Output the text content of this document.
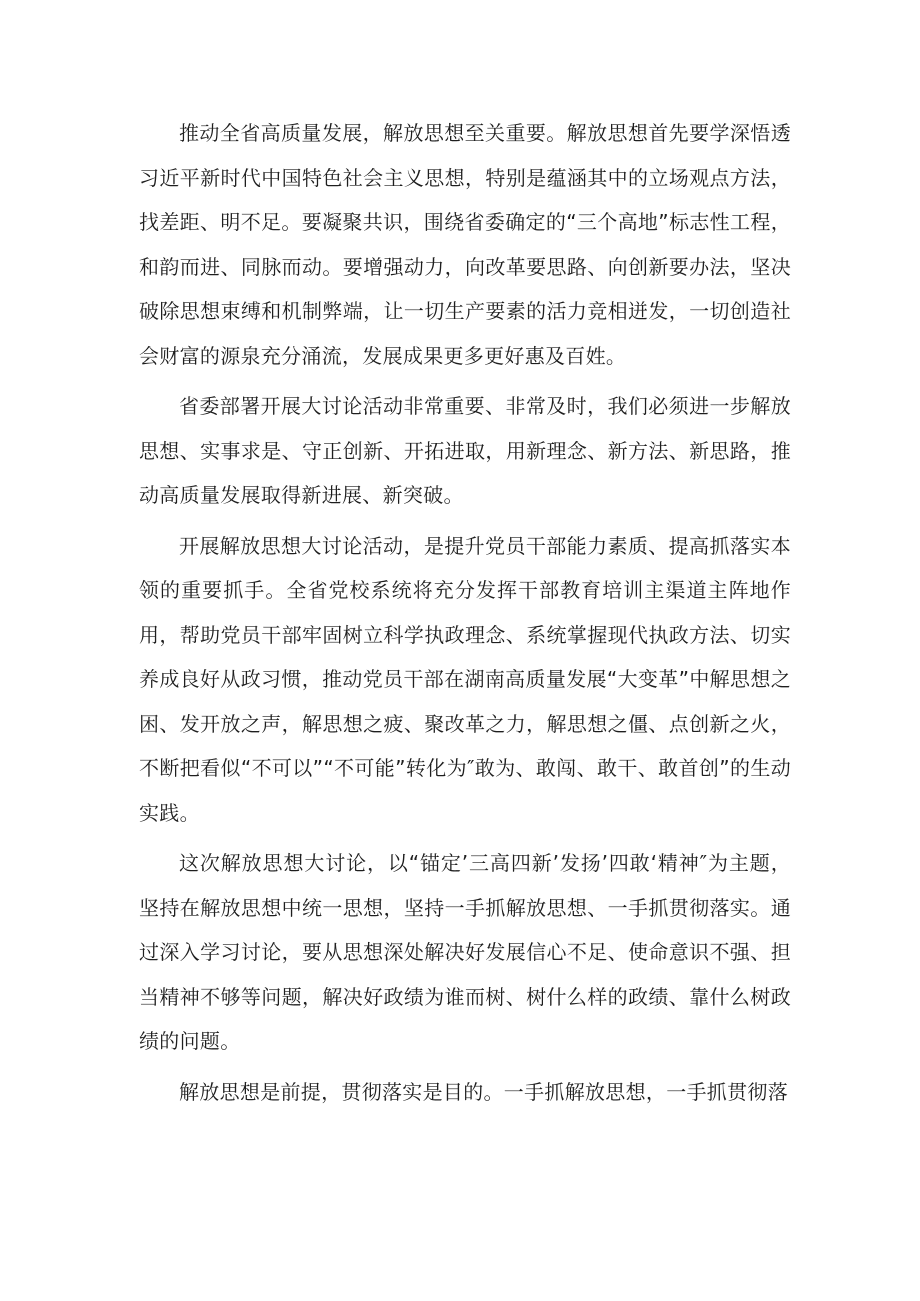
推动全省高质量发展，解放思想至关重要。解放思想首先要学深悟透习近平新时代中国特色社会主义思想，特别是蕴涵其中的立场观点方法，找差距、明不足。要凝聚共识，围绕省委确定的“三个高地”标志性工程，和韵而进、同脉而动。要增强动力，向改革要思路、向创新要办法，坚决破除思想束缚和机制弊端，让一切生产要素的活力竞相迸发，一切创造社会财富的源泉充分涌流，发展成果更多更好惠及百姓。

省委部署开展大讨论活动非常重要、非常及时，我们必须进一步解放思想、实事求是、守正创新、开拓进取，用新理念、新方法、新思路，推动高质量发展取得新进展、新突破。

开展解放思想大讨论活动，是提升党员干部能力素质、提高抓落实本领的重要抓手。全省党校系统将充分发挥干部教育培训主渠道主阵地作用，帮助党员干部牢固树立科学执政理念、系统掌握现代执政方法、切实养成良好从政习惯，推动党员干部在湖南高质量发展“大变革”中解思想之困、发开放之声，解思想之疲、聚改革之力，解思想之僵、点创新之火，不断把看似“不可以”“不可能”转化为″敢为、敢闯、敢干、敢首创”的生动实践。

这次解放思想大讨论，以“锚定’三高四新’发扬’四敢‘精神″为主题，坚持在解放思想中统一思想，坚持一手抓解放思想、一手抓贯彻落实。通过深入学习讨论，要从思想深处解决好发展信心不足、使命意识不强、担当精神不够等问题，解决好政绩为谁而树、树什么样的政绩、靠什么树政绩的问题。

解放思想是前提，贯彻落实是目的。一手抓解放思想，一手抓贯彻落
